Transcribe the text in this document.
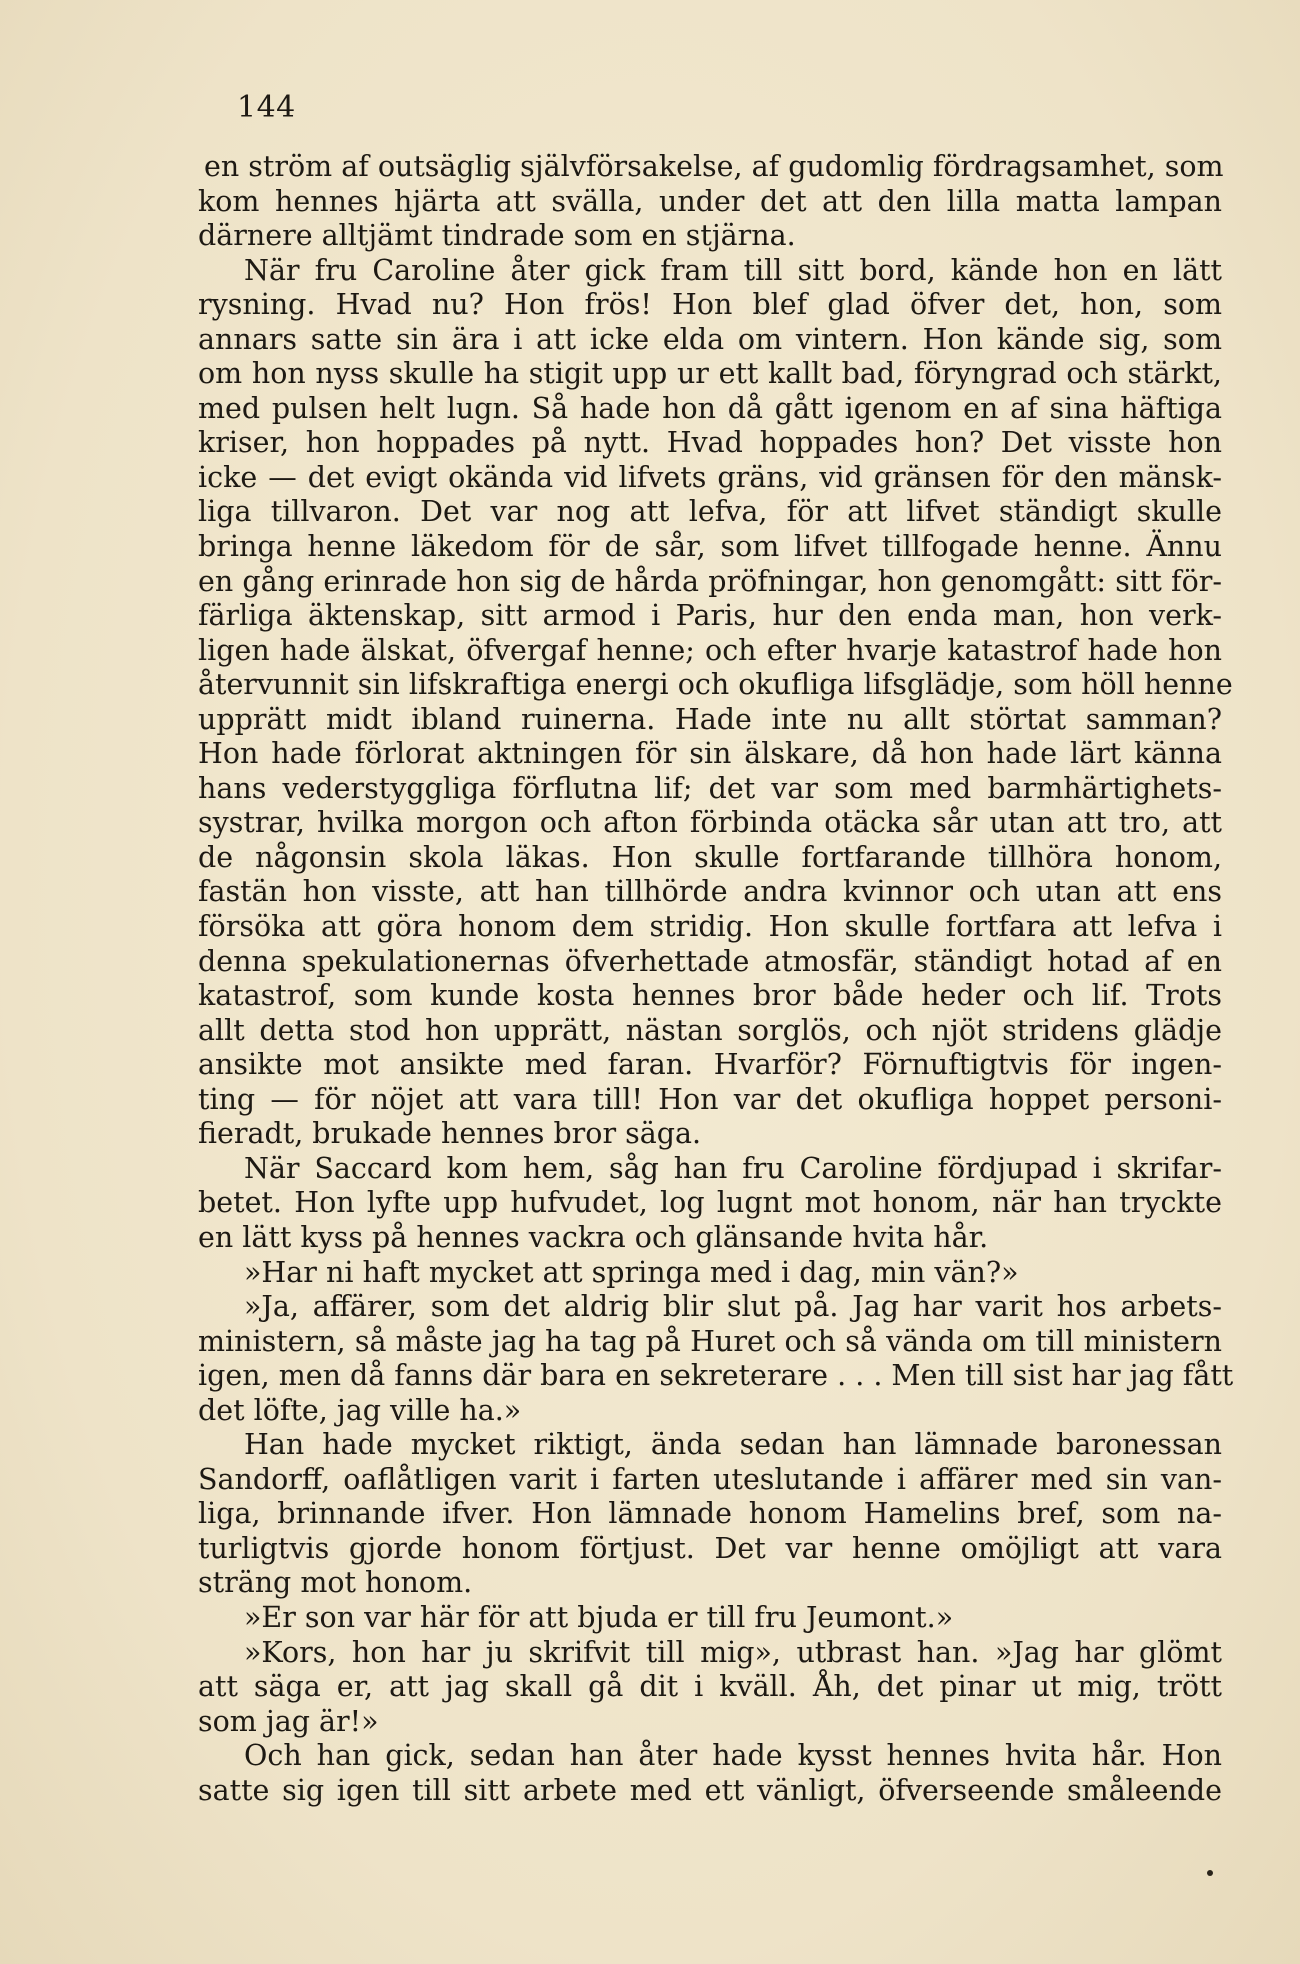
144
en ström af outsäglig självförsakelse, af gudomlig fördragsamhet, som
kom hennes hjärta att svälla, under det att den lilla matta lampan
därnere alltjämt tindrade som en stjärna.
När fru Caroline åter gick fram till sitt bord, kände hon en lätt
rysning. Hvad nu? Hon frös! Hon blef glad öfver det, hon, som
annars satte sin ära i att icke elda om vintern. Hon kände sig, som
om hon nyss skulle ha stigit upp ur ett kallt bad, föryngrad och stärkt,
med pulsen helt lugn. Så hade hon då gått igenom en af sina häftiga
kriser, hon hoppades på nytt. Hvad hoppades hon? Det visste hon
icke — det evigt okända vid lifvets gräns, vid gränsen för den mänsk-
liga tillvaron. Det var nog att lefva, för att lifvet ständigt skulle
bringa henne läkedom för de sår, som lifvet tillfogade henne. Ännu
en gång erinrade hon sig de hårda pröfningar, hon genomgått: sitt för-
färliga äktenskap, sitt armod i Paris, hur den enda man, hon verk-
ligen hade älskat, öfvergaf henne; och efter hvarje katastrof hade hon
återvunnit sin lifskraftiga energi och okufliga lifsglädje, som höll henne
upprätt midt ibland ruinerna. Hade inte nu allt störtat samman?
Hon hade förlorat aktningen för sin älskare, då hon hade lärt känna
hans vederstyggliga förflutna lif; det var som med barmhärtighets-
systrar, hvilka morgon och afton förbinda otäcka sår utan att tro, att
de någonsin skola läkas. Hon skulle fortfarande tillhöra honom,
fastän hon visste, att han tillhörde andra kvinnor och utan att ens
försöka att göra honom dem stridig. Hon skulle fortfara att lefva i
denna spekulationernas öfverhettade atmosfär, ständigt hotad af en
katastrof, som kunde kosta hennes bror både heder och lif. Trots
allt detta stod hon upprätt, nästan sorglös, och njöt stridens glädje
ansikte mot ansikte med faran. Hvarför? Förnuftigtvis för ingen-
ting — för nöjet att vara till! Hon var det okufliga hoppet personi-
fieradt, brukade hennes bror säga.
När Saccard kom hem, såg han fru Caroline fördjupad i skrifar-
betet. Hon lyfte upp hufvudet, log lugnt mot honom, när han tryckte
en lätt kyss på hennes vackra och glänsande hvita hår.
»Har ni haft mycket att springa med i dag, min vän?»
»Ja, affärer, som det aldrig blir slut på. Jag har varit hos arbets-
ministern, så måste jag ha tag på Huret och så vända om till ministern
igen, men då fanns där bara en sekreterare . . . Men till sist har jag fått
det löfte, jag ville ha.»
Han hade mycket riktigt, ända sedan han lämnade baronessan
Sandorff, oaflåtligen varit i farten uteslutande i affärer med sin van-
liga, brinnande ifver. Hon lämnade honom Hamelins bref, som na-
turligtvis gjorde honom förtjust. Det var henne omöjligt att vara
sträng mot honom.
»Er son var här för att bjuda er till fru Jeumont.»
»Kors, hon har ju skrifvit till mig», utbrast han. »Jag har glömt
att säga er, att jag skall gå dit i kväll. Åh, det pinar ut mig, trött
som jag är!»
Och han gick, sedan han åter hade kysst hennes hvita hår. Hon
satte sig igen till sitt arbete med ett vänligt, öfverseende småleende
